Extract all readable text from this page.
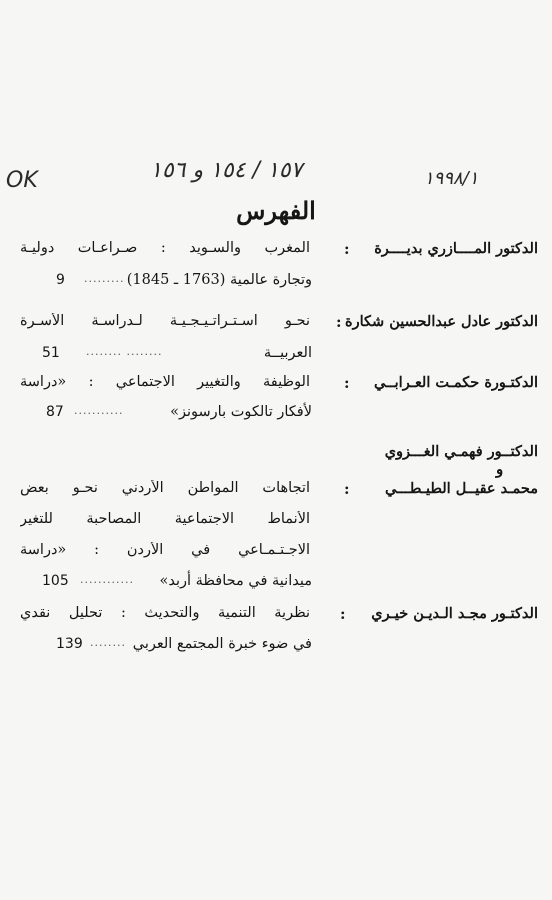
OK	١٥٧ / ١٥٤ و ١٥٦	١٩٩٨/١
الفهرس
الدكتور المــــازري بديــــرة
:
المغرب والسـويد : صـراعـات دوليـة
9 ......... وتجارة عالمية (1763 ـ 1845)
الدكتور عادل عبدالحسين شكارة
:
نحـو اسـتـراتـيـجـيـة لـدراسـة الأسـرة
51 ........ ........	العربيــة
الدكتـورة حكمـت العـرابــي
:
الوظيفة والتغيير الاجتماعي : «دراسة
87 ...........	لأفكار تالكوت بارسونز»
الدكتــور فهمـي الغـــزوي
و
محمـد عقيــل الطيـطـــي
:
اتجاهات المواطن الأردني نحـو بعض
الأنماط الاجتماعية المصاحبة للتغير
الاجـتـمـاعي في الأردن : «دراسة
105 ............ ميدانية في محافظة أربد»
الدكتـور مجـد الـديـن خيـري
:
نظرية التنمية والتحديث : تحليل نقدي
139 ........ في ضوء خبرة المجتمع العربي
